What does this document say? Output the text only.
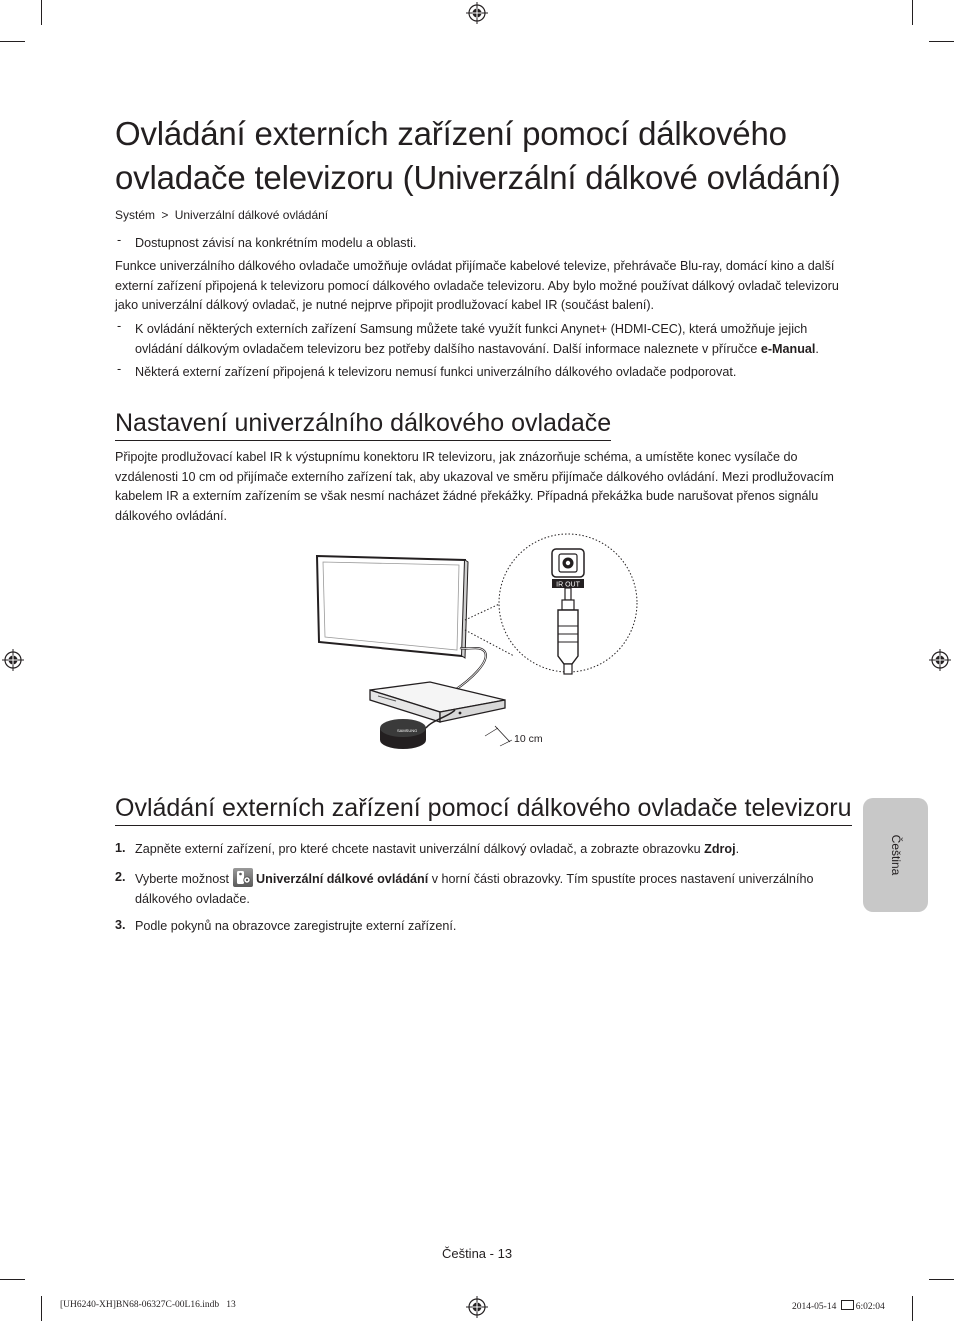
Ovládání externích zařízení pomocí dálkového ovladače televizoru (Univerzální dálkové ovládání)
Systém > Univerzální dálkové ovládání
- Dostupnost závisí na konkrétním modelu a oblasti.
Funkce univerzálního dálkového ovladače umožňuje ovládat přijímače kabelové televize, přehrávače Blu-ray, domácí kino a další externí zařízení připojená k televizoru pomocí dálkového ovladače televizoru. Aby bylo možné používat dálkový ovladač televizoru jako univerzální dálkový ovladač, je nutné nejprve připojit prodlužovací kabel IR (součást balení).
- K ovládání některých externích zařízení Samsung můžete také využít funkci Anynet+ (HDMI-CEC), která umožňuje jejich ovládání dálkovým ovladačem televizoru bez potřeby dalšího nastavování. Další informace naleznete v příručce e-Manual.
- Některá externí zařízení připojená k televizoru nemusí funkci univerzálního dálkového ovladače podporovat.
Nastavení univerzálního dálkového ovladače
Připojte prodlužovací kabel IR k výstupnímu konektoru IR televizoru, jak znázorňuje schéma, a umístěte konec vysílače do vzdálenosti 10 cm od přijímače externího zařízení tak, aby ukazoval ve směru přijímače dálkového ovládání. Mezi prodlužovacím kabelem IR a externím zařízením se však nesmí nacházet žádné překážky. Případná překážka bude narušovat přenos signálu dálkového ovládání.
SAMSUNG
10 cm
IR OUT
Ovládání externích zařízení pomocí dálkového ovladače televizoru
1. Zapněte externí zařízení, pro které chcete nastavit univerzální dálkový ovladač, a zobrazte obrazovku Zdroj.
2. Vyberte možnost Univerzální dálkové ovládání v horní části obrazovky. Tím spustíte proces nastavení univerzálního dálkového ovladače.
3. Podle pokynů na obrazovce zaregistrujte externí zařízení.
Čeština
Čeština - 13
[UH6240-XH]BN68-06327C-00L16.indb   13	2014-05-14 6:02:04
